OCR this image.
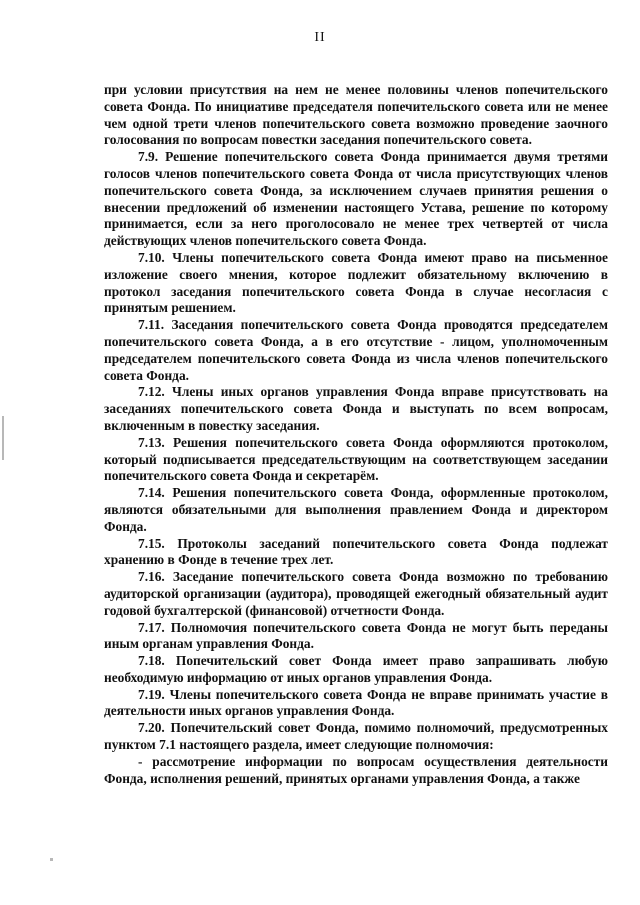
II

при условии присутствия на нем не менее половины членов попечительского совета Фонда. По инициативе председателя попечительского совета или не менее чем одной трети членов попечительского совета возможно проведение заочного голосования по вопросам повестки заседания попечительского совета.

7.9. Решение попечительского совета Фонда принимается двумя третями голосов членов попечительского совета Фонда от числа присутствующих членов попечительского совета Фонда, за исключением случаев принятия решения о внесении предложений об изменении настоящего Устава, решение по которому принимается, если за него проголосовало не менее трех четвертей от числа действующих членов попечительского совета Фонда.

7.10. Члены попечительского совета Фонда имеют право на письменное изложение своего мнения, которое подлежит обязательному включению в протокол заседания попечительского совета Фонда в случае несогласия с принятым решением.

7.11. Заседания попечительского совета Фонда проводятся председателем попечительского совета Фонда, а в его отсутствие - лицом, уполномоченным председателем попечительского совета Фонда из числа членов попечительского совета Фонда.

7.12. Члены иных органов управления Фонда вправе присутствовать на заседаниях попечительского совета Фонда и выступать по всем вопросам, включенным в повестку заседания.

7.13. Решения попечительского совета Фонда оформляются протоколом, который подписывается председательствующим на соответствующем заседании попечительского совета Фонда и секретарём.

7.14. Решения попечительского совета Фонда, оформленные протоколом, являются обязательными для выполнения правлением Фонда и директором Фонда.

7.15. Протоколы заседаний попечительского совета Фонда подлежат хранению в Фонде в течение трех лет.

7.16. Заседание попечительского совета Фонда возможно по требованию аудиторской организации (аудитора), проводящей ежегодный обязательный аудит годовой бухгалтерской (финансовой) отчетности Фонда.

7.17. Полномочия попечительского совета Фонда не могут быть переданы иным органам управления Фонда.

7.18. Попечительский совет Фонда имеет право запрашивать любую необходимую информацию от иных органов управления Фонда.

7.19. Члены попечительского совета Фонда не вправе принимать участие в деятельности иных органов управления Фонда.

7.20. Попечительский совет Фонда, помимо полномочий, предусмотренных пунктом 7.1 настоящего раздела, имеет следующие полномочия:

- рассмотрение информации по вопросам осуществления деятельности Фонда, исполнения решений, принятых органами управления Фонда, а также
